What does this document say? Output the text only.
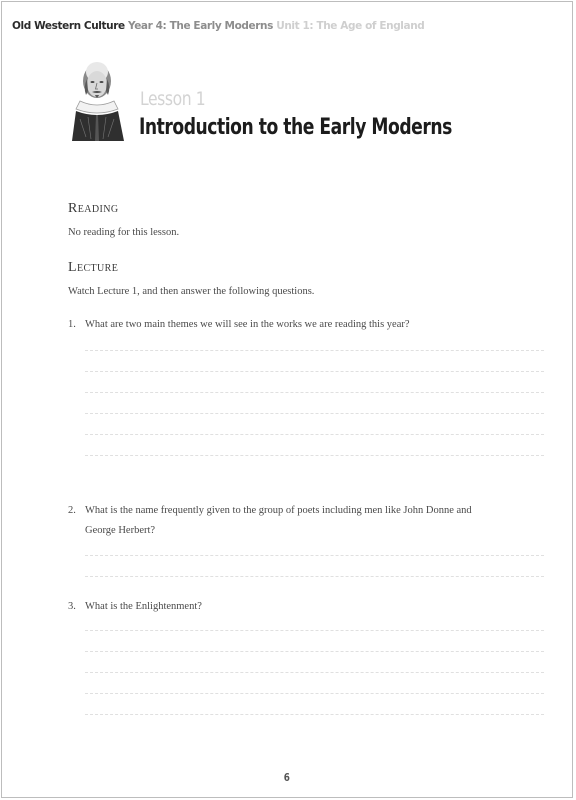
Old Western Culture Year 4: The Early Moderns Unit 1: The Age of England
Lesson 1
Introduction to the Early Moderns
Reading
No reading for this lesson.
Lecture
Watch Lecture 1, and then answer the following questions.
1. What are two main themes we will see in the works we are reading this year?
2. What is the name frequently given to the group of poets including men like John Donne and
George Herbert?
3. What is the Enlightenment?
6
